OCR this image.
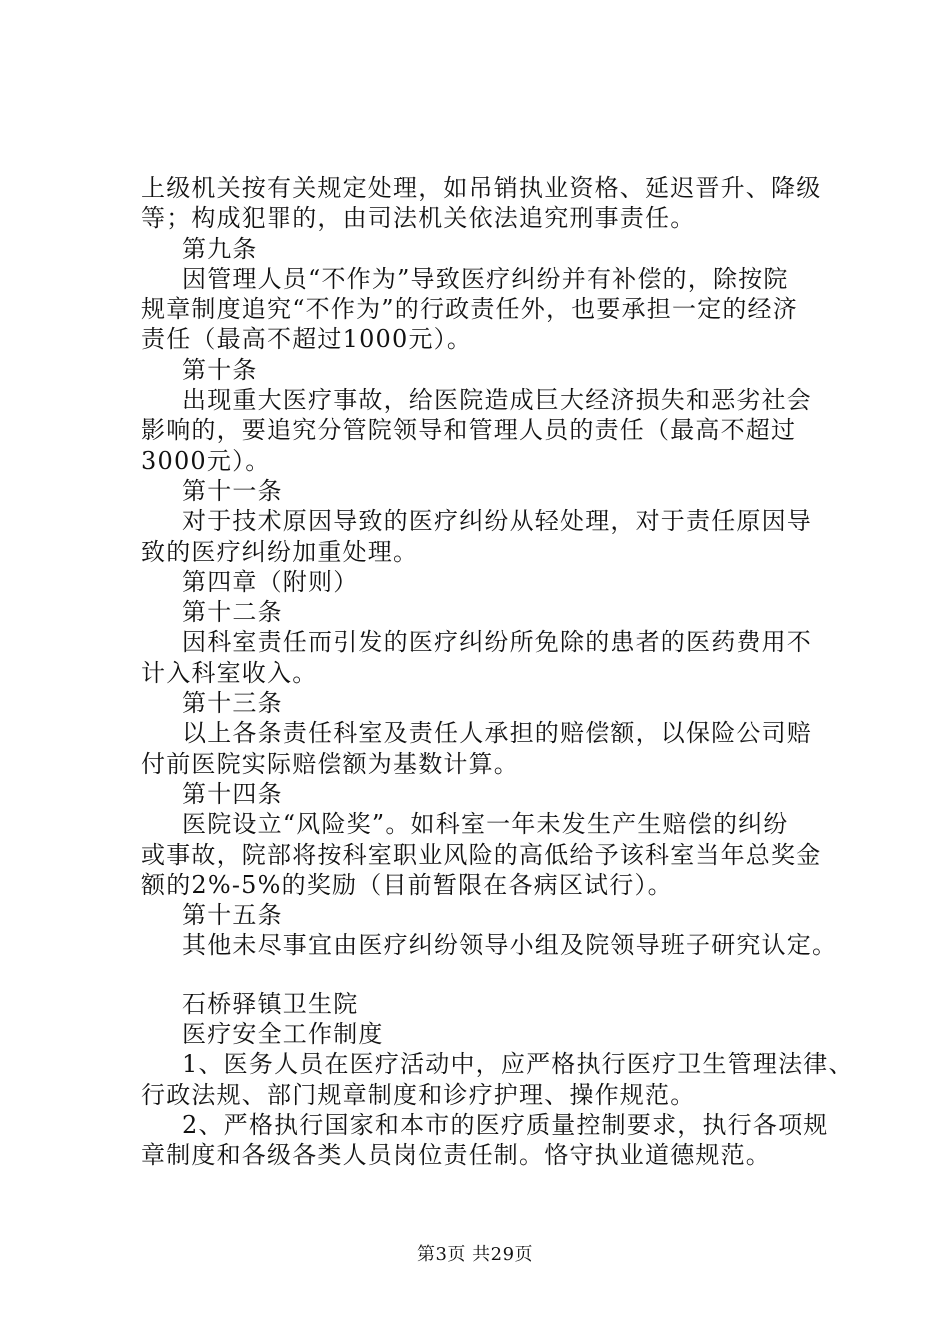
上级机关按有关规定处理，如吊销执业资格、延迟晋升、降级
等；构成犯罪的，由司法机关依法追究刑事责任。
第九条
因管理人员“不作为”导致医疗纠纷并有补偿的，除按院
规章制度追究“不作为”的行政责任外，也要承担一定的经济
责任（最高不超过1000元）。
第十条
出现重大医疗事故，给医院造成巨大经济损失和恶劣社会
影响的，要追究分管院领导和管理人员的责任（最高不超过
3000元）。
第十一条
对于技术原因导致的医疗纠纷从轻处理，对于责任原因导
致的医疗纠纷加重处理。
第四章（附则）
第十二条
因科室责任而引发的医疗纠纷所免除的患者的医药费用不
计入科室收入。
第十三条
以上各条责任科室及责任人承担的赔偿额，以保险公司赔
付前医院实际赔偿额为基数计算。
第十四条
医院设立“风险奖”。如科室一年未发生产生赔偿的纠纷
或事故，院部将按科室职业风险的高低给予该科室当年总奖金
额的2%-5%的奖励（目前暂限在各病区试行）。
第十五条
其他未尽事宜由医疗纠纷领导小组及院领导班子研究认定。
石桥驿镇卫生院
医疗安全工作制度
1、医务人员在医疗活动中，应严格执行医疗卫生管理法律、
行政法规、部门规章制度和诊疗护理、操作规范。
2、严格执行国家和本市的医疗质量控制要求，执行各项规
章制度和各级各类人员岗位责任制。恪守执业道德规范。
第3页 共29页
